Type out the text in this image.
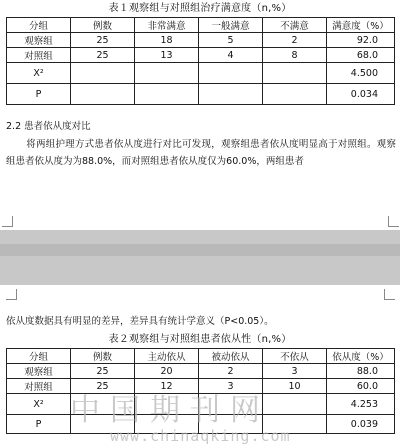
表１观察组与对照组治疗满意度（n,%）
分组	例数	非常满意	一般满意	不满意	满意度（%）
观察组	25	18	5	2	92.0
对照组	25	13	4	8	68.0
X²					4.500
P					0.034
2.2 患者依从度对比
将两组护理方式患者依从度进行对比可发现，观察组患者依从度明显高于对照组。观察组患者依从度为为88.0%，而对照组患者依从度仅为60.0%，两组患者
依从度数据具有明显的差异，差异具有统计学意义（P<0.05）。
表２观察组与对照组患者依从性（n,%）
分组	例数	主动依从	被动依从	不依从	依从度（%）
观察组	25	20	2	3	88.0
对照组	25	12	3	10	60.0
X²					4.253
P					0.039
中国期刊网
www.chinaqking.com
